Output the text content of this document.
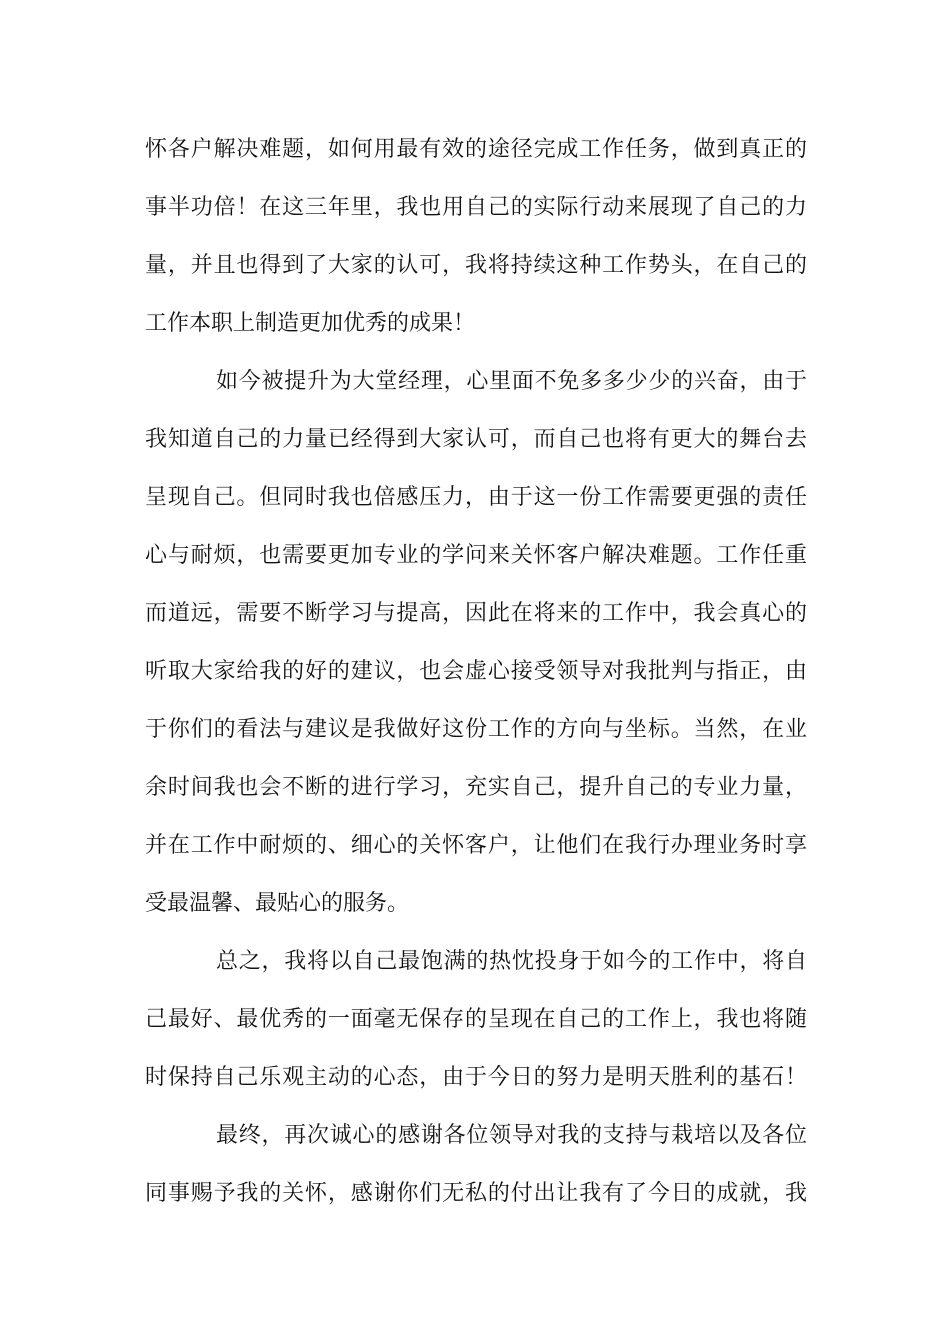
怀各户解决难题，如何用最有效的途径完成工作任务，做到真正的
事半功倍！在这三年里，我也用自己的实际行动来展现了自己的力
量，并且也得到了大家的认可，我将持续这种工作势头，在自己的
工作本职上制造更加优秀的成果！
如今被提升为大堂经理，心里面不免多多少少的兴奋，由于
我知道自己的力量已经得到大家认可，而自己也将有更大的舞台去
呈现自己。但同时我也倍感压力，由于这一份工作需要更强的责任
心与耐烦，也需要更加专业的学问来关怀客户解决难题。工作任重
而道远，需要不断学习与提高，因此在将来的工作中，我会真心的
听取大家给我的好的建议，也会虚心接受领导对我批判与指正，由
于你们的看法与建议是我做好这份工作的方向与坐标。当然，在业
余时间我也会不断的进行学习，充实自己，提升自己的专业力量，
并在工作中耐烦的、细心的关怀客户，让他们在我行办理业务时享
受最温馨、最贴心的服务。
总之，我将以自己最饱满的热忱投身于如今的工作中，将自
己最好、最优秀的一面毫无保存的呈现在自己的工作上，我也将随
时保持自己乐观主动的心态，由于今日的努力是明天胜利的基石！
最终，再次诚心的感谢各位领导对我的支持与栽培以及各位
同事赐予我的关怀，感谢你们无私的付出让我有了今日的成就，我
